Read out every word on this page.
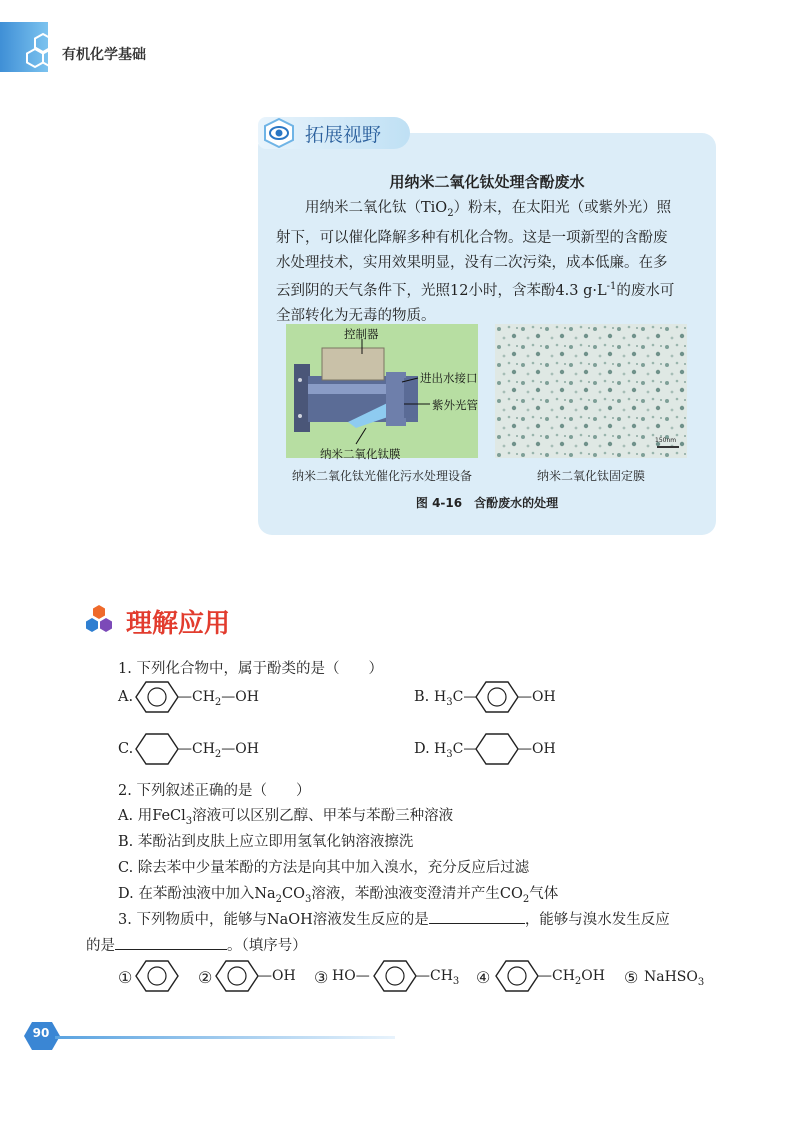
有机化学基础
拓展视野
用纳米二氧化钛处理含酚废水
用纳米二氧化钛（TiO$_2$）粉末，在太阳光（或紫外光）照
射下，可以催化降解多种有机化合物。这是一项新型的含酚废
水处理技术，实用效果明显，没有二次污染，成本低廉。在多
云到阴的天气条件下，光照12小时，含苯酚4.3 $g\cdot L^{-1}$的废水可
全部转化为无毒的物质。
控制器
进出水接口
紫外光管
纳米二氧化钛膜
150nm
纳米二氧化钛光催化污水处理设备	纳米二氧化钛固定膜
图 4-16　含酚废水的处理
理解应用
1. 下列化合物中，属于酚类的是（　　）
A.	$—CH_2—OH$	B. $H_3C—$	—OH
C.	$—CH_2—OH$	D. $H_3C—$	—OH
2. 下列叙述正确的是（　　）
A. 用FeCl$_3$溶液可以区别乙醇、甲苯与苯酚三种溶液
B. 苯酚沾到皮肤上应立即用氢氧化钠溶液擦洗
C. 除去苯中少量苯酚的方法是向其中加入溴水，充分反应后过滤
D. 在苯酚浊液中加入$Na_2CO_3$溶液，苯酚浊液变澄清并产生$CO_2$气体
3. 下列物质中，能够与NaOH溶液发生反应的是	，能够与溴水发生反应
的是	。（填序号）
①	②	—OH ③ HO—	$—CH_3$ ④	$—CH_2OH$ ⑤ NaHSO$_3$
90
